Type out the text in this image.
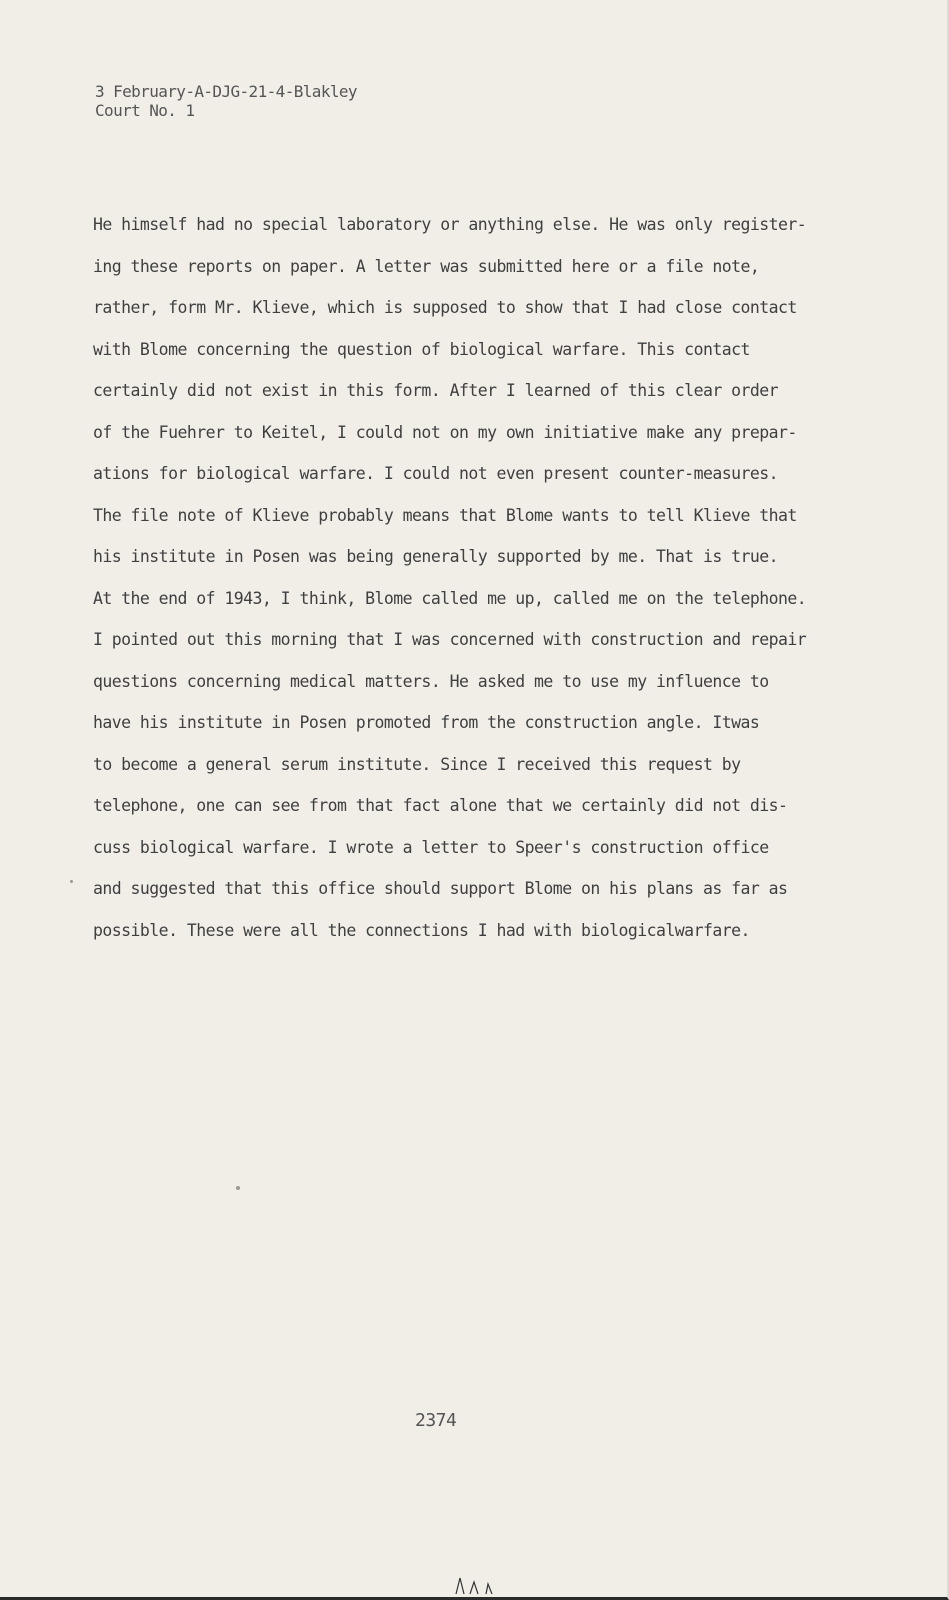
3 February-A-DJG-21-4-Blakley
Court No. 1
He himself had no special laboratory or anything else. He was only register-
ing these reports on paper. A letter was submitted here or a file note,
rather, form Mr. Klieve, which is supposed to show that I had close contact
with Blome concerning the question of biological warfare. This contact
certainly did not exist in this form. After I learned of this clear order
of the Fuehrer to Keitel, I could not on my own initiative make any prepar-
ations for biological warfare. I could not even present counter-measures.
The file note of Klieve probably means that Blome wants to tell Klieve that
his institute in Posen was being generally supported by me. That is true.
At the end of 1943, I think, Blome called me up, called me on the telephone.
I pointed out this morning that I was concerned with construction and repair
questions concerning medical matters. He asked me to use my influence to
have his institute in Posen promoted from the construction angle. Itwas
to become a general serum institute. Since I received this request by
telephone, one can see from that fact alone that we certainly did not dis-
cuss biological warfare. I wrote a letter to Speer's construction office
and suggested that this office should support Blome on his plans as far as
possible. These were all the connections I had with biologicalwarfare.
2374
